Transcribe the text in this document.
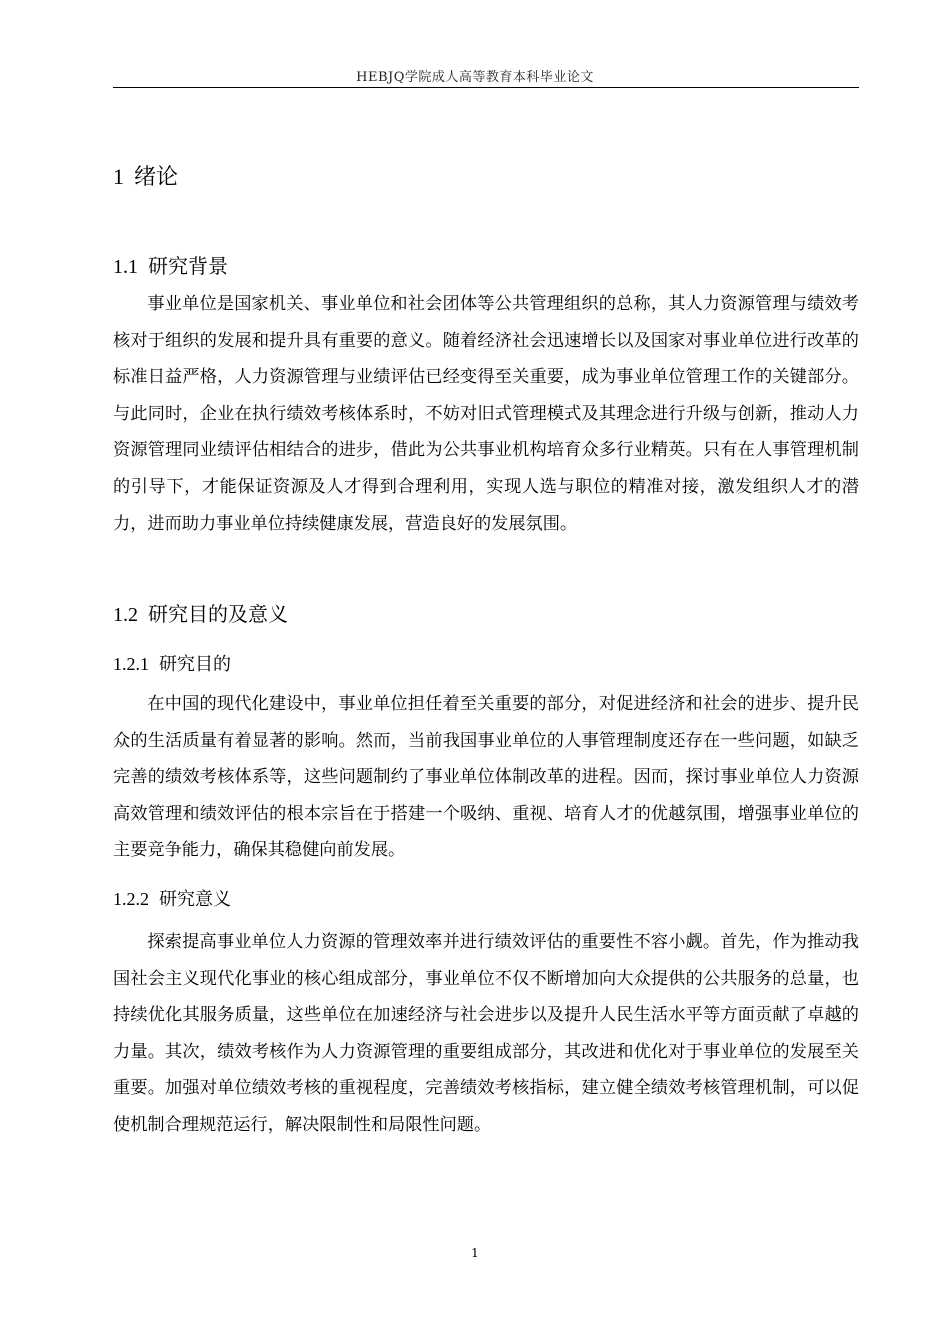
HEBJQ学院成人高等教育本科毕业论文
1 绪论
1.1 研究背景

事业单位是国家机关、事业单位和社会团体等公共管理组织的总称，其人力资源管理与绩效考核对于组织的发展和提升具有重要的意义。随着经济社会迅速增长以及国家对事业单位进行改革的标准日益严格，人力资源管理与业绩评估已经变得至关重要，成为事业单位管理工作的关键部分。与此同时，企业在执行绩效考核体系时，不妨对旧式管理模式及其理念进行升级与创新，推动人力资源管理同业绩评估相结合的进步，借此为公共事业机构培育众多行业精英。只有在人事管理机制的引导下，才能保证资源及人才得到合理利用，实现人选与职位的精准对接，激发组织人才的潜力，进而助力事业单位持续健康发展，营造良好的发展氛围。

1.2 研究目的及意义
1.2.1 研究目的

在中国的现代化建设中，事业单位担任着至关重要的部分，对促进经济和社会的进步、提升民众的生活质量有着显著的影响。然而，当前我国事业单位的人事管理制度还存在一些问题，如缺乏完善的绩效考核体系等，这些问题制约了事业单位体制改革的进程。因而，探讨事业单位人力资源高效管理和绩效评估的根本宗旨在于搭建一个吸纳、重视、培育人才的优越氛围，增强事业单位的主要竞争能力，确保其稳健向前发展。

1.2.2 研究意义

探索提高事业单位人力资源的管理效率并进行绩效评估的重要性不容小觑。首先，作为推动我国社会主义现代化事业的核心组成部分，事业单位不仅不断增加向大众提供的公共服务的总量，也持续优化其服务质量，这些单位在加速经济与社会进步以及提升人民生活水平等方面贡献了卓越的力量。其次，绩效考核作为人力资源管理的重要组成部分，其改进和优化对于事业单位的发展至关重要。加强对单位绩效考核的重视程度，完善绩效考核指标，建立健全绩效考核管理机制，可以促使机制合理规范运行，解决限制性和局限性问题。

1
